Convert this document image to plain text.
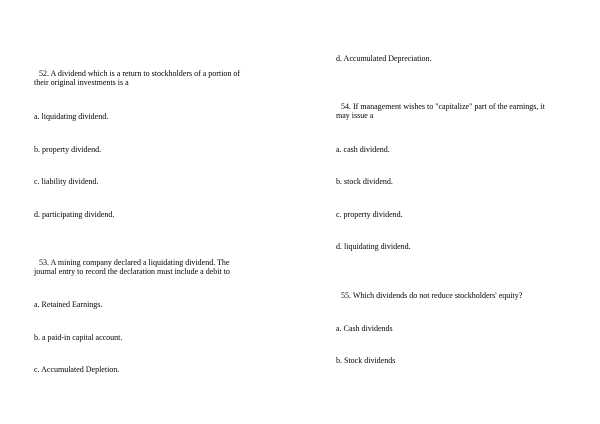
52. A dividend which is a return to stockholders of a portion of
their original investments is a
a. liquidating dividend.
b. property dividend.
c. liability dividend.
d. participating dividend.
53. A mining company declared a liquidating dividend. The
journal entry to record the declaration must include a debit to
a. Retained Earnings.
b. a paid-in capital account.
c. Accumulated Depletion.
d. Accumulated Depreciation.
54. If management wishes to "capitalize" part of the earnings, it
may issue a
a. cash dividend.
b. stock dividend.
c. property dividend.
d. liquidating dividend.
55. Which dividends do not reduce stockholders' equity?
a. Cash dividends
b. Stock dividends
